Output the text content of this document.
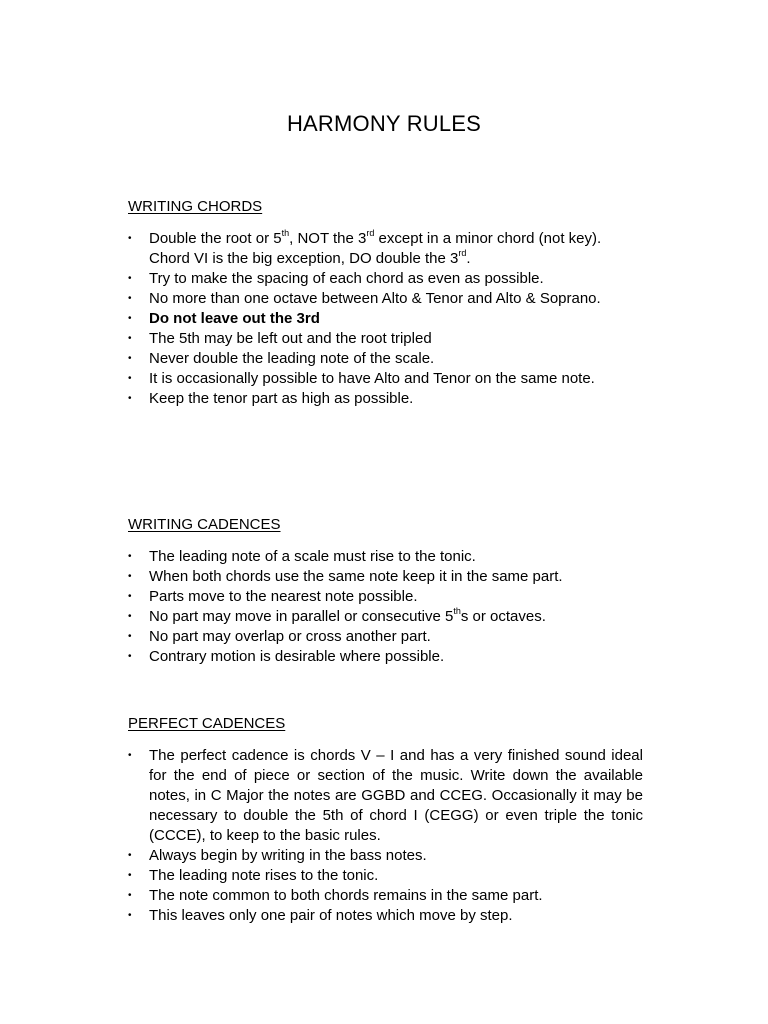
HARMONY RULES
WRITING CHORDS
• Double the root or 5th, NOT the 3rd except in a minor chord (not key).
Chord VI is the big exception, DO double the 3rd.
• Try to make the spacing of each chord as even as possible.
• No more than one octave between Alto & Tenor and Alto & Soprano.
• Do not leave out the 3rd
• The 5th may be left out and the root tripled
• Never double the leading note of the scale.
• It is occasionally possible to have Alto and Tenor on the same note.
• Keep the tenor part as high as possible.
WRITING CADENCES
• The leading note of a scale must rise to the tonic.
• When both chords use the same note keep it in the same part.
• Parts move to the nearest note possible.
• No part may move in parallel or consecutive 5ths or octaves.
• No part may overlap or cross another part.
• Contrary motion is desirable where possible.
PERFECT CADENCES
• The perfect cadence is chords V – I and has a very finished sound ideal for the end of piece or section of the music. Write down the available notes, in C Major the notes are GGBD and CCEG. Occasionally it may be necessary to double the 5th of chord I (CEGG) or even triple the tonic (CCCE), to keep to the basic rules.
• Always begin by writing in the bass notes.
• The leading note rises to the tonic.
• The note common to both chords remains in the same part.
• This leaves only one pair of notes which move by step.
